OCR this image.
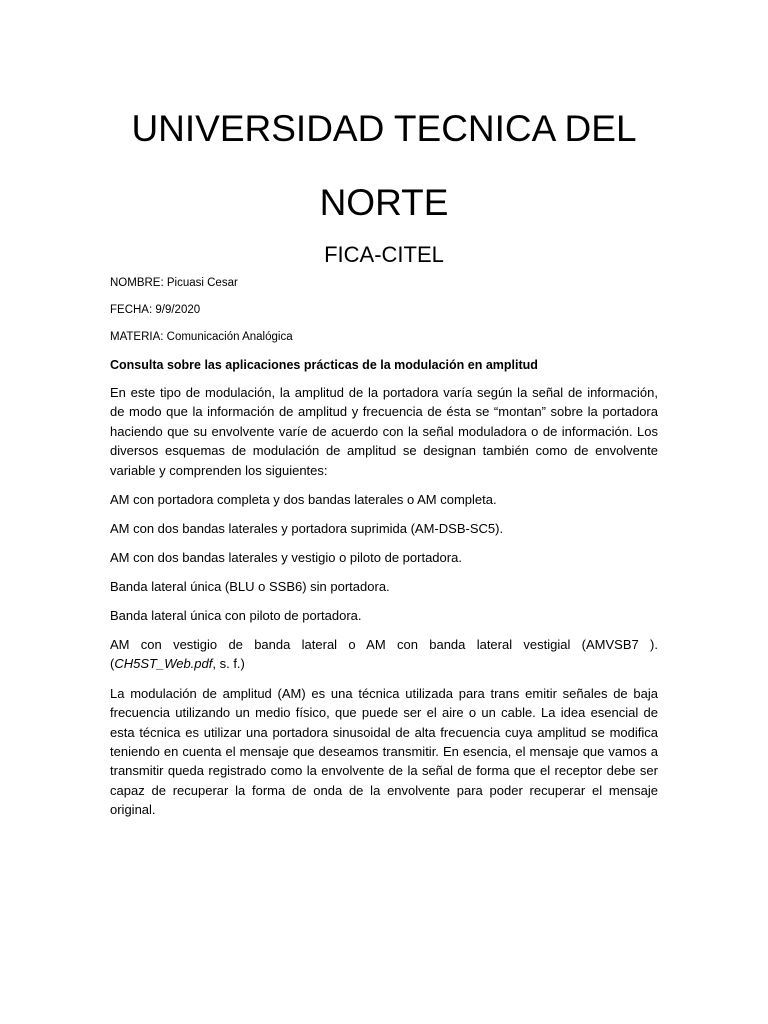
UNIVERSIDAD TECNICA DEL
NORTE
FICA-CITEL

NOMBRE: Picuasi Cesar

FECHA: 9/9/2020

MATERIA: Comunicación Analógica

Consulta sobre las aplicaciones prácticas de la modulación en amplitud

En este tipo de modulación, la amplitud de la portadora varía según la señal de información, de modo que la información de amplitud y frecuencia de ésta se “montan” sobre la portadora haciendo que su envolvente varíe de acuerdo con la señal moduladora o de información. Los diversos esquemas de modulación de amplitud se designan también como de envolvente variable y comprenden los siguientes:

AM con portadora completa y dos bandas laterales o AM completa.

AM con dos bandas laterales y portadora suprimida (AM-DSB-SC5).

AM con dos bandas laterales y vestigio o piloto de portadora.

Banda lateral única (BLU o SSB6) sin portadora.

Banda lateral única con piloto de portadora.

AM con vestigio de banda lateral o AM con banda lateral vestigial (AMVSB7 ).(CH5ST_Web.pdf, s. f.)

La modulación de amplitud (AM) es una técnica utilizada para trans emitir señales de baja frecuencia utilizando un medio físico, que puede ser el aire o un cable. La idea esencial de esta técnica es utilizar una portadora sinusoidal de alta frecuencia cuya amplitud se modifica teniendo en cuenta el mensaje que deseamos transmitir. En esencia, el mensaje que vamos a transmitir queda registrado como la envolvente de la señal de forma que el receptor debe ser capaz de recuperar la forma de onda de la envolvente para poder recuperar el mensaje original.
